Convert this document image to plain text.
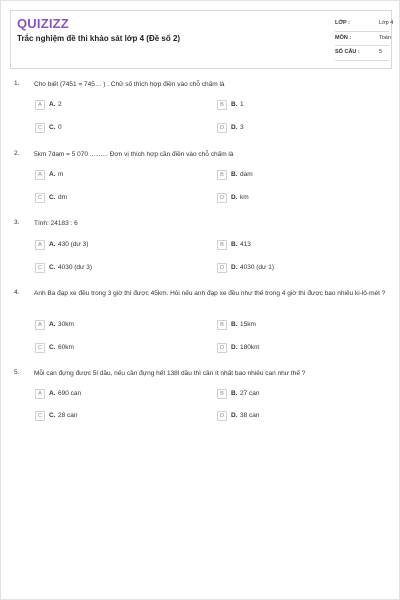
QUIZIZZ
Trắc nghiệm đề thi khảo sát lớp 4 (Đề số 2)
LỚP :	Lớp 4
MÔN :	Toán
SỐ CÂU :	5
1. Cho biết (7451 = 745… ) . Chữ số thích hợp điền vào chỗ chấm là
A	A. 2	B	B. 1
C	C. 0	D	D. 3
2. 5km 7dam = 5 070 .......... Đơn vị thích hợp cần điền vào chỗ chấm là
A	A. m	B	B. dam
C	C. dm	D	D. km
3. Tính: 24183 : 6
A	A. 430 (dư 3)	B	B. 413
C	C. 4030 (dư 3)	D	D. 4030 (dư 1)
4. Anh Ba đạp xe đều trong 3 giờ thì được 45km. Hỏi nếu anh đạp xe đều như thế trong 4 giờ thì được bao nhiêu ki-lô-mét ?
A	A. 30km	B	B. 15km
C	C. 60km	D	D. 180km
5. Mỗi can đựng được 5l dầu, nếu cần đựng hết 138l dầu thì cần ít nhất bao nhiêu can như thế ?
A	A. 690 can	B	B. 27 can
C	C. 28 can	D	D. 38 can
